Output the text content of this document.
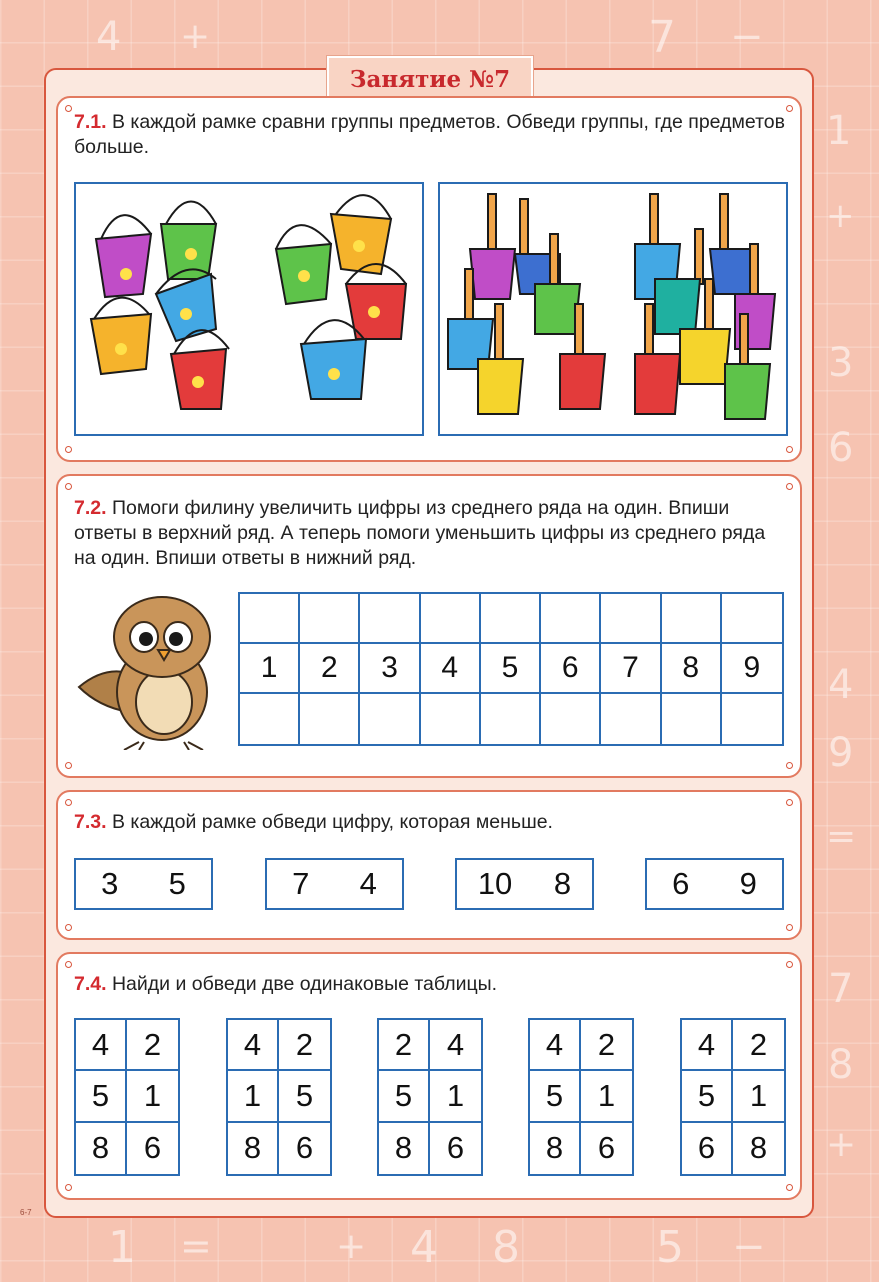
4 +	7 −
1
+
3
6
4
9
=
7
8
+
1 =	+ 4 8	5 −
Занятие №7
7.1. В каждой рамке сравни группы предметов. Обведи группы, где предметов больше.
7.2. Помоги филину увеличить цифры из среднего ряда на один. Впиши ответы в верхний ряд. А теперь помоги уменьшить цифры из среднего ряда на один. Впиши ответы в нижний ряд.
1	2	3	4	5	6	7	8	9
7.3. В каждой рамке обведи цифру, которая меньше.
3 5	7 4	10 8	6 9
7.4. Найди и обведи две одинаковые таблицы.
4	2
5	1
8	6
4	2
1	5
8	6
2	4
5	1
8	6
4	2
5	1
8	6
4	2
5	1
6	8
6-7
